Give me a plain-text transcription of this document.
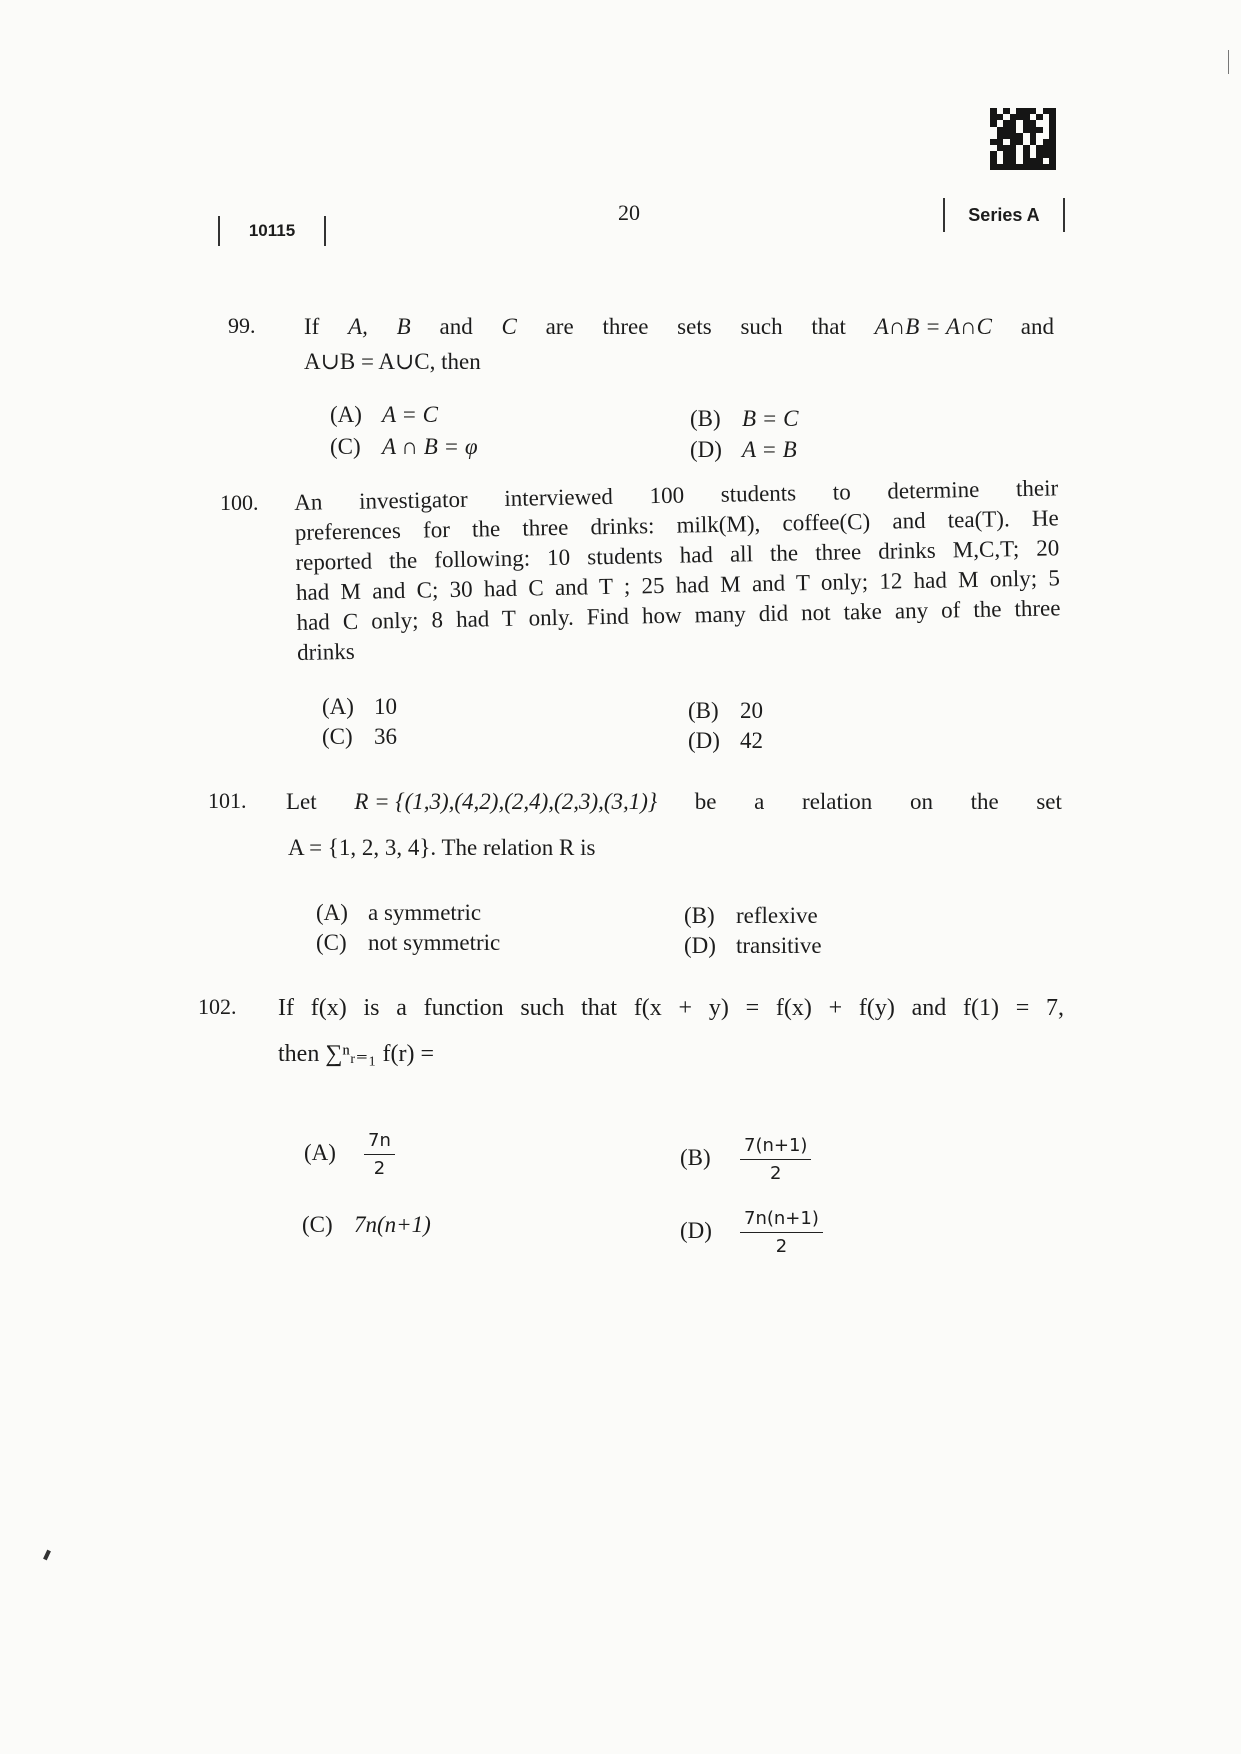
20
10115
Series A
99. If A, B and C are three sets such that A∩B = A∩C and
A∪B = A∪C, then
(A) A = C	(B) B = C
(C) A ∩ B = φ	(D) A = B
100. An investigator interviewed 100 students to determine their
preferences for the three drinks: milk(M), coffee(C) and tea(T). He
reported the following: 10 students had all the three drinks M,C,T; 20
had M and C; 30 had C and T ; 25 had M and T only; 12 had M only; 5
had C only; 8 had T only. Find how many did not take any of the three
drinks
(A) 10	(B) 20
(C) 36	(D) 42
101. Let R = {(1,3),(4,2),(2,4),(2,3),(3,1)} be a relation on the set
A = {1, 2, 3, 4}. The relation R is
(A) a symmetric	(B) reflexive
(C) not symmetric	(D) transitive
102. If f(x) is a function such that f(x + y) = f(x) + f(y) and f(1) = 7,
then ∑ⁿᵣ₌₁ f(r) =
$(A) \frac{7n}{2}$	$(B) \frac{7(n+1)}{2}$
(C) 7n(n+1)	$(D) \frac{7n(n+1)}{2}$
